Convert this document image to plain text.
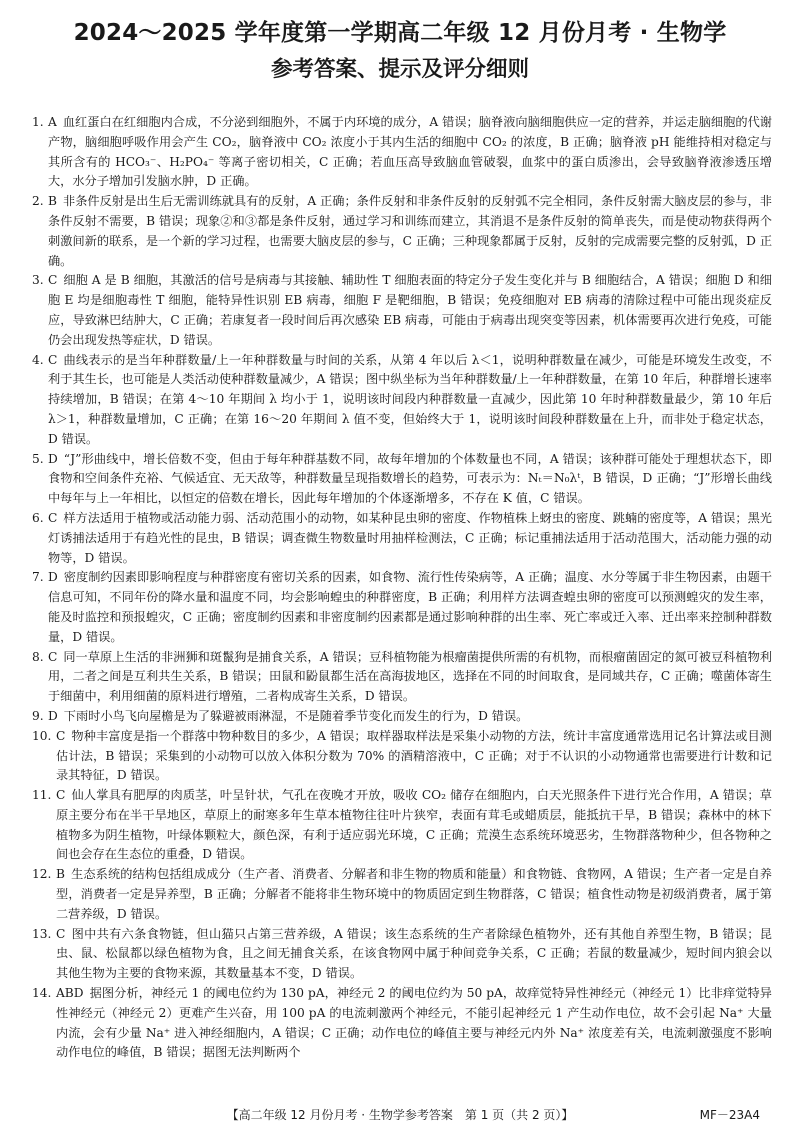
2024～2025 学年度第一学期高二年级 12 月份月考 · 生物学
参考答案、提示及评分细则
1. A 血红蛋白在红细胞内合成，不分泌到细胞外，不属于内环境的成分，A 错误；脑脊液向脑细胞供应一定的营养，并运走脑细胞的代谢产物，脑细胞呼吸作用会产生 CO₂，脑脊液中 CO₂ 浓度小于其内生活的细胞中 CO₂ 的浓度，B 正确；脑脊液 pH 能维持相对稳定与其所含有的 HCO₃⁻、H₂PO₄⁻ 等离子密切相关，C 正确；若血压高导致脑血管破裂，血浆中的蛋白质渗出，会导致脑脊液渗透压增大，水分子增加引发脑水肿，D 正确。
2. B 非条件反射是出生后无需训练就具有的反射，A 正确；条件反射和非条件反射的反射弧不完全相同，条件反射需大脑皮层的参与，非条件反射不需要，B 错误；现象②和③都是条件反射，通过学习和训练而建立，其消退不是条件反射的简单丧失，而是使动物获得两个刺激间新的联系，是一个新的学习过程，也需要大脑皮层的参与，C 正确；三种现象都属于反射，反射的完成需要完整的反射弧，D 正确。
3. C 细胞 A 是 B 细胞，其激活的信号是病毒与其接触、辅助性 T 细胞表面的特定分子发生变化并与 B 细胞结合，A 错误；细胞 D 和细胞 E 均是细胞毒性 T 细胞，能特异性识别 EB 病毒，细胞 F 是靶细胞，B 错误；免疫细胞对 EB 病毒的清除过程中可能出现炎症反应，导致淋巴结肿大，C 正确；若康复者一段时间后再次感染 EB 病毒，可能由于病毒出现突变等因素，机体需要再次进行免疫，可能仍会出现发热等症状，D 错误。
4. C 曲线表示的是当年种群数量/上一年种群数量与时间的关系，从第 4 年以后 λ＜1，说明种群数量在减少，可能是环境发生改变，不利于其生长，也可能是人类活动使种群数量减少，A 错误；图中纵坐标为当年种群数量/上一年种群数量，在第 10 年后，种群增长速率持续增加，B 错误；在第 4～10 年期间 λ 均小于 1，说明该时间段内种群数量一直减少，因此第 10 年时种群数量最少，第 10 年后 λ＞1，种群数量增加，C 正确；在第 16～20 年期间 λ 值不变，但始终大于 1，说明该时间段种群数量在上升，而非处于稳定状态，D 错误。
5. D “J”形曲线中，增长倍数不变，但由于每年种群基数不同，故每年增加的个体数量也不同，A 错误；该种群可能处于理想状态下，即食物和空间条件充裕、气候适宜、无天敌等，种群数量呈现指数增长的趋势，可表示为：Nₜ＝N₀λᵗ，B 错误，D 正确；“J”形增长曲线中每年与上一年相比，以恒定的倍数在增长，因此每年增加的个体逐渐增多，不存在 K 值，C 错误。
6. C 样方法适用于植物或活动能力弱、活动范围小的动物，如某种昆虫卵的密度、作物植株上蚜虫的密度、跳蝻的密度等，A 错误；黑光灯诱捕法适用于有趋光性的昆虫，B 错误；调查微生物数量时用抽样检测法，C 正确；标记重捕法适用于活动范围大，活动能力强的动物等，D 错误。
7. D 密度制约因素即影响程度与种群密度有密切关系的因素，如食物、流行性传染病等，A 正确；温度、水分等属于非生物因素，由题干信息可知，不同年份的降水量和温度不同，均会影响蝗虫的种群密度，B 正确；利用样方法调查蝗虫卵的密度可以预测蝗灾的发生率，能及时监控和预报蝗灾，C 正确；密度制约因素和非密度制约因素都是通过影响种群的出生率、死亡率或迁入率、迁出率来控制种群数量，D 错误。
8. C 同一草原上生活的非洲狮和斑鬣狗是捕食关系，A 错误；豆科植物能为根瘤菌提供所需的有机物，而根瘤菌固定的氮可被豆科植物利用，二者之间是互利共生关系，B 错误；田鼠和鼢鼠都生活在高海拔地区，选择在不同的时间取食，是同域共存，C 正确；噬菌体寄生于细菌中，利用细菌的原料进行增殖，二者构成寄生关系，D 错误。
9. D 下雨时小鸟飞向屋檐是为了躲避被雨淋湿，不是随着季节变化而发生的行为，D 错误。
10. C 物种丰富度是指一个群落中物种数目的多少，A 错误；取样器取样法是采集小动物的方法，统计丰富度通常选用记名计算法或目测估计法，B 错误；采集到的小动物可以放入体积分数为 70% 的酒精溶液中，C 正确；对于不认识的小动物通常也需要进行计数和记录其特征，D 错误。
11. C 仙人掌具有肥厚的肉质茎，叶呈针状，气孔在夜晚才开放，吸收 CO₂ 储存在细胞内，白天光照条件下进行光合作用，A 错误；草原主要分布在半干旱地区，草原上的耐寒多年生草本植物往往叶片狭窄，表面有茸毛或蜡质层，能抵抗干旱，B 错误；森林中的林下植物多为阴生植物，叶绿体颗粒大，颜色深，有利于适应弱光环境，C 正确；荒漠生态系统环境恶劣，生物群落物种少，但各物种之间也会存在生态位的重叠，D 错误。
12. B 生态系统的结构包括组成成分（生产者、消费者、分解者和非生物的物质和能量）和食物链、食物网，A 错误；生产者一定是自养型，消费者一定是异养型，B 正确；分解者不能将非生物环境中的物质固定到生物群落，C 错误；植食性动物是初级消费者，属于第二营养级，D 错误。
13. C 图中共有六条食物链，但山猫只占第三营养级，A 错误；该生态系统的生产者除绿色植物外，还有其他自养型生物，B 错误；昆虫、鼠、松鼠都以绿色植物为食，且之间无捕食关系，在该食物网中属于种间竞争关系，C 正确；若鼠的数量减少，短时间内狼会以其他生物为主要的食物来源，其数量基本不变，D 错误。
14. ABD 据图分析，神经元 1 的阈电位约为 130 pA，神经元 2 的阈电位约为 50 pA，故痒觉特异性神经元（神经元 1）比非痒觉特异性神经元（神经元 2）更难产生兴奋，用 100 pA 的电流刺激两个神经元，不能引起神经元 1 产生动作电位，故不会引起 Na⁺ 大量内流，会有少量 Na⁺ 进入神经细胞内，A 错误；C 正确；动作电位的峰值主要与神经元内外 Na⁺ 浓度差有关，电流刺激强度不影响动作电位的峰值，B 错误；据图无法判断两个
【高二年级 12 月份月考 · 生物学参考答案　第 1 页（共 2 页）】	MF－23A4
